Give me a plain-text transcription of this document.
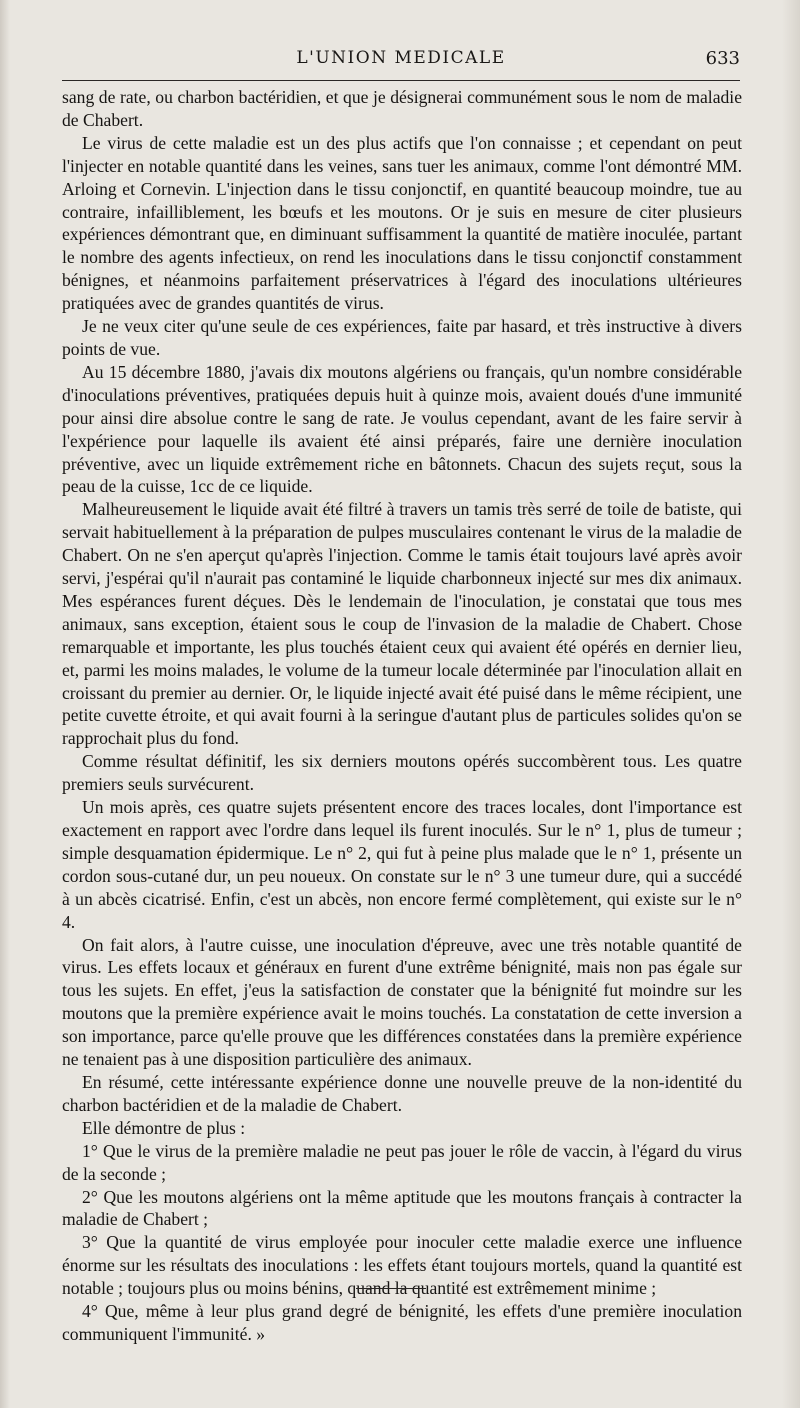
L'UNION MEDICALE	633

sang de rate, ou charbon bactéridien, et que je désignerai communément sous le nom de maladie de Chabert.

Le virus de cette maladie est un des plus actifs que l'on connaisse ; et cependant on peut l'injecter en notable quantité dans les veines, sans tuer les animaux, comme l'ont démontré MM. Arloing et Cornevin. L'injection dans le tissu conjonctif, en quantité beaucoup moindre, tue au contraire, infailliblement, les bœufs et les moutons. Or je suis en mesure de citer plusieurs expériences démontrant que, en diminuant suffisamment la quantité de matière inoculée, partant le nombre des agents infectieux, on rend les inoculations dans le tissu conjonctif constamment bénignes, et néanmoins parfaitement préservatrices à l'égard des inoculations ultérieures pratiquées avec de grandes quantités de virus.

Je ne veux citer qu'une seule de ces expériences, faite par hasard, et très instructive à divers points de vue.

Au 15 décembre 1880, j'avais dix moutons algériens ou français, qu'un nombre considérable d'inoculations préventives, pratiquées depuis huit à quinze mois, avaient doués d'une immunité pour ainsi dire absolue contre le sang de rate. Je voulus cependant, avant de les faire servir à l'expérience pour laquelle ils avaient été ainsi préparés, faire une dernière inoculation préventive, avec un liquide extrêmement riche en bâtonnets. Chacun des sujets reçut, sous la peau de la cuisse, 1cc de ce liquide.

Malheureusement le liquide avait été filtré à travers un tamis très serré de toile de batiste, qui servait habituellement à la préparation de pulpes musculaires contenant le virus de la maladie de Chabert. On ne s'en aperçut qu'après l'injection. Comme le tamis était toujours lavé après avoir servi, j'espérai qu'il n'aurait pas contaminé le liquide charbonneux injecté sur mes dix animaux. Mes espérances furent déçues. Dès le lendemain de l'inoculation, je constatai que tous mes animaux, sans exception, étaient sous le coup de l'invasion de la maladie de Chabert. Chose remarquable et importante, les plus touchés étaient ceux qui avaient été opérés en dernier lieu, et, parmi les moins malades, le volume de la tumeur locale déterminée par l'inoculation allait en croissant du premier au dernier. Or, le liquide injecté avait été puisé dans le même récipient, une petite cuvette étroite, et qui avait fourni à la seringue d'autant plus de particules solides qu'on se rapprochait plus du fond.

Comme résultat définitif, les six derniers moutons opérés succombèrent tous. Les quatre premiers seuls survécurent.

Un mois après, ces quatre sujets présentent encore des traces locales, dont l'importance est exactement en rapport avec l'ordre dans lequel ils furent inoculés. Sur le n° 1, plus de tumeur ; simple desquamation épidermique. Le n° 2, qui fut à peine plus malade que le n° 1, présente un cordon sous-cutané dur, un peu noueux. On constate sur le n° 3 une tumeur dure, qui a succédé à un abcès cicatrisé. Enfin, c'est un abcès, non encore fermé complètement, qui existe sur le n° 4.

On fait alors, à l'autre cuisse, une inoculation d'épreuve, avec une très notable quantité de virus. Les effets locaux et généraux en furent d'une extrême bénignité, mais non pas égale sur tous les sujets. En effet, j'eus la satisfaction de constater que la bénignité fut moindre sur les moutons que la première expérience avait le moins touchés. La constatation de cette inversion a son importance, parce qu'elle prouve que les différences constatées dans la première expérience ne tenaient pas à une disposition particulière des animaux.

En résumé, cette intéressante expérience donne une nouvelle preuve de la non-identité du charbon bactéridien et de la maladie de Chabert.

Elle démontre de plus :

1° Que le virus de la première maladie ne peut pas jouer le rôle de vaccin, à l'égard du virus de la seconde ;

2° Que les moutons algériens ont la même aptitude que les moutons français à contracter la maladie de Chabert ;

3° Que la quantité de virus employée pour inoculer cette maladie exerce une influence énorme sur les résultats des inoculations : les effets étant toujours mortels, quand la quantité est notable ; toujours plus ou moins bénins, quand la quantité est extrêmement minime ;

4° Que, même à leur plus grand degré de bénignité, les effets d'une première inoculation communiquent l'immunité. »
